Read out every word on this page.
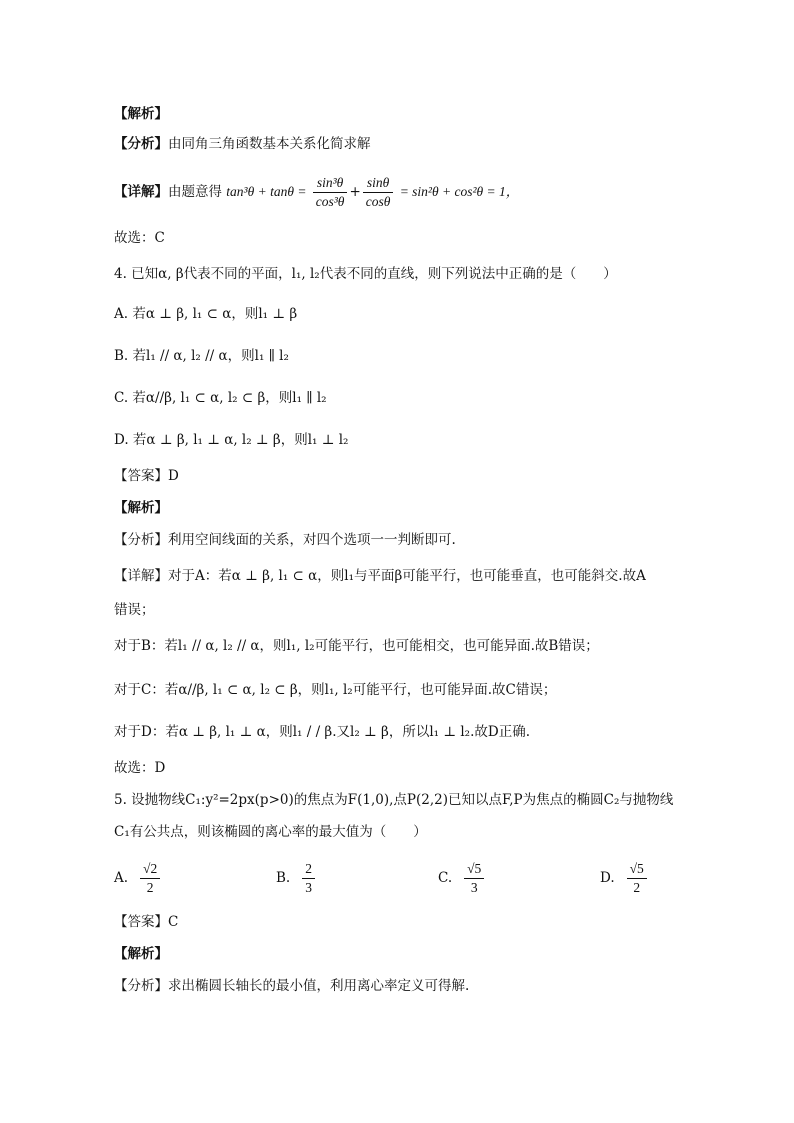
【解析】
【分析】由同角三角函数基本关系化简求解
【详解】由题意得 $\tan^3\theta + \tan\theta = \frac{\text{sin³θ}}{\text{cos³θ}} + \frac{\sin\theta}{\cos\theta} = \sin^2\theta + \cos^2\theta = 1$，
故选：C
4. 已知α, β代表不同的平面，l₁, l₂代表不同的直线，则下列说法中正确的是（　　）
A. 若α ⊥ β, l₁ ⊂ α，则l₁ ⊥ β
B. 若l₁ // α, l₂ // α，则l₁ ∥ l₂
C. 若α//β, l₁ ⊂ α, l₂ ⊂ β，则l₁ ∥ l₂
D. 若α ⊥ β, l₁ ⊥ α, l₂ ⊥ β，则l₁ ⊥ l₂
【答案】D
【解析】
【分析】利用空间线面的关系，对四个选项一一判断即可.
【详解】对于A：若α ⊥ β, l₁ ⊂ α，则l₁与平面β可能平行，也可能垂直，也可能斜交.故A
错误；
对于B：若l₁ // α, l₂ // α，则l₁, l₂可能平行，也可能相交，也可能异面.故B错误；
对于C：若α//β, l₁ ⊂ α, l₂ ⊂ β，则l₁, l₂可能平行，也可能异面.故C错误；
对于D：若α ⊥ β, l₁ ⊥ α，则l₁ / / β.又l₂ ⊥ β，所以l₁ ⊥ l₂.故D正确.
故选：D
5. 设抛物线C₁:y²=2px(p>0)的焦点为F(1,0),点P(2,2)已知以点F,P为焦点的椭圆C₂与抛物线
C₁有公共点，则该椭圆的离心率的最大值为（　　）
A. $\frac{√2}{2}$	B. $\frac{2}{3}$	C. $\frac{√5}{3}$	D. $\frac{√5}{2}$
【答案】C
【解析】
【分析】求出椭圆长轴长的最小值，利用离心率定义可得解.
